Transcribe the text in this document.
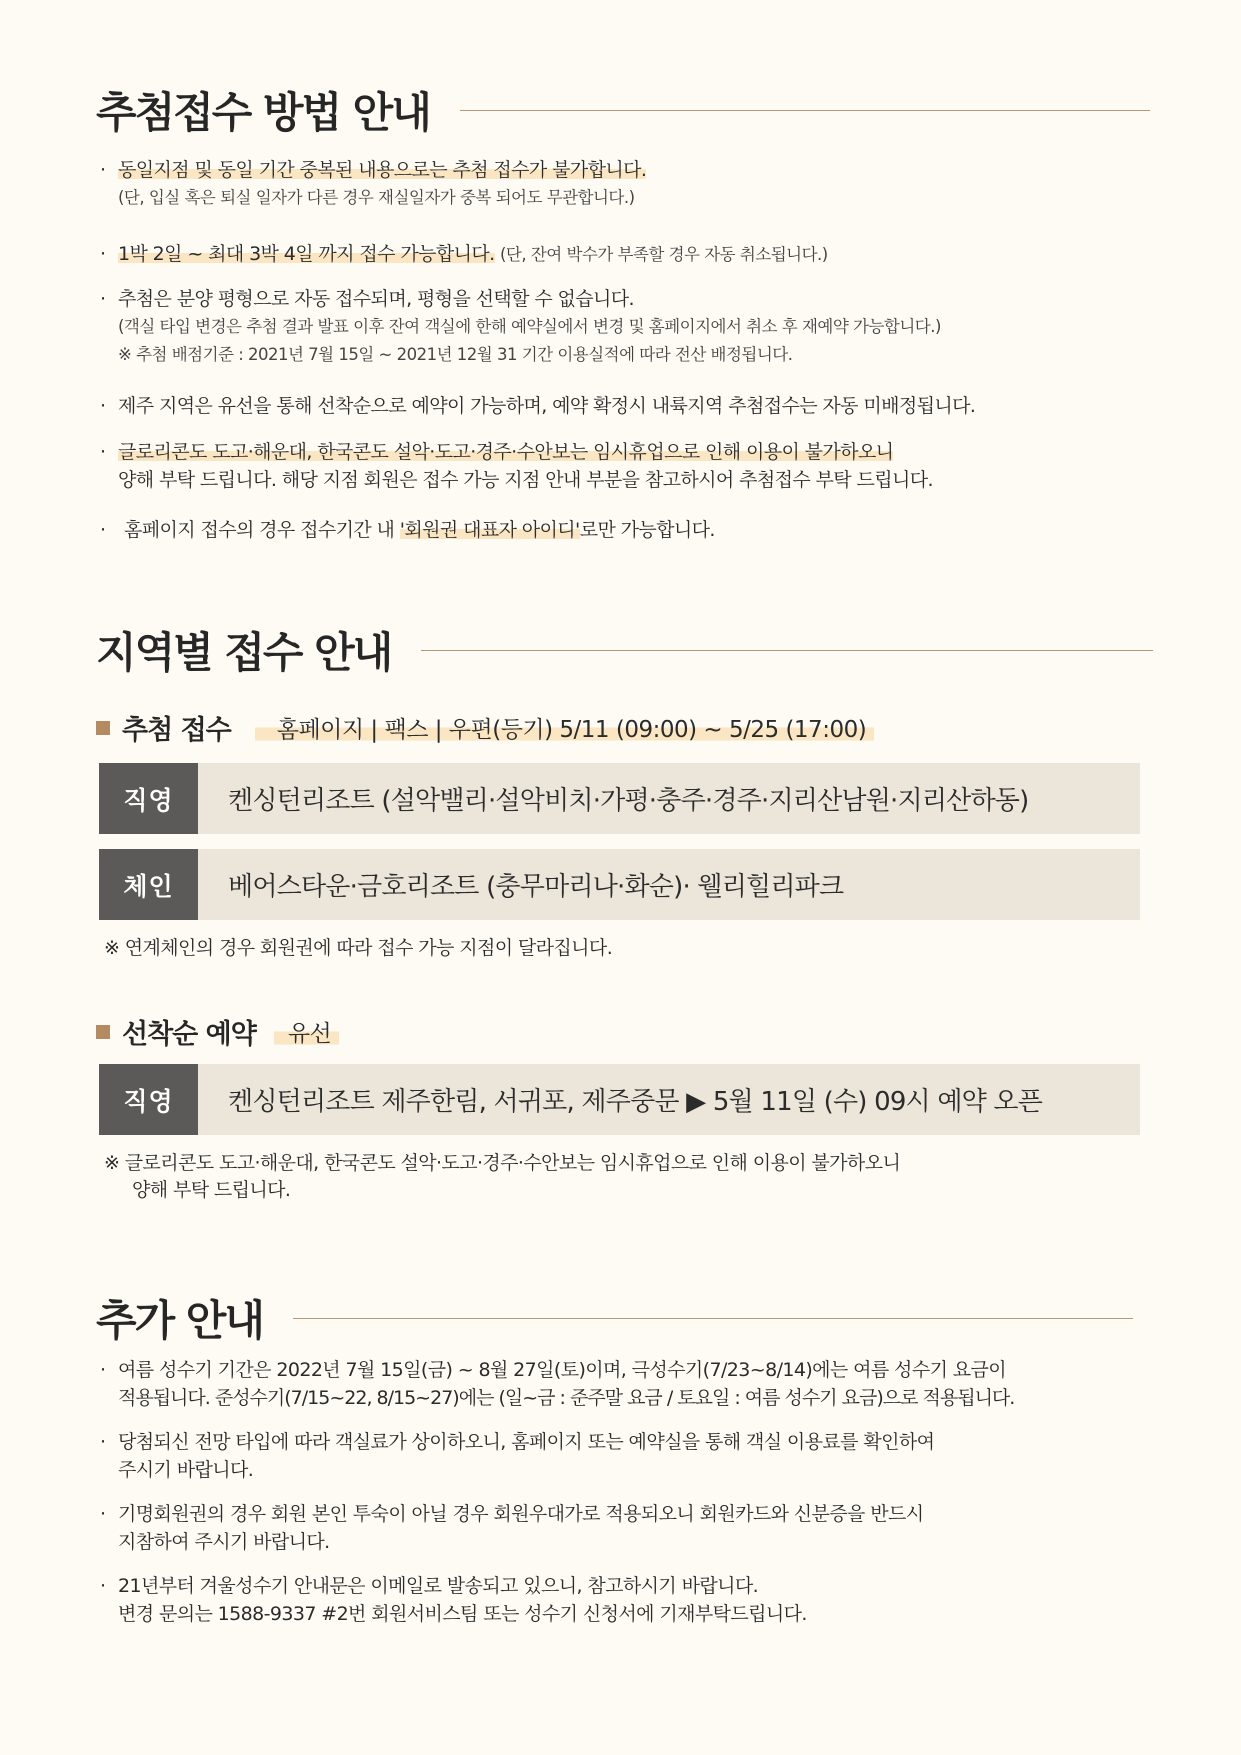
추첨접수 방법 안내
· 동일지점 및 동일 기간 중복된 내용으로는 추첨 접수가 불가합니다.
(단, 입실 혹은 퇴실 일자가 다른 경우 재실일자가 중복 되어도 무관합니다.)
· 1박 2일 ~ 최대 3박 4일 까지 접수 가능합니다. (단, 잔여 박수가 부족할 경우 자동 취소됩니다.)
· 추첨은 분양 평형으로 자동 접수되며, 평형을 선택할 수 없습니다.
(객실 타입 변경은 추첨 결과 발표 이후 잔여 객실에 한해 예약실에서 변경 및 홈페이지에서 취소 후 재예약 가능합니다.)
※ 추첨 배점기준 : 2021년 7월 15일 ~ 2021년 12월 31 기간 이용실적에 따라 전산 배정됩니다.
· 제주 지역은 유선을 통해 선착순으로 예약이 가능하며, 예약 확정시 내륙지역 추첨접수는 자동 미배정됩니다.
· 글로리콘도 도고·해운대, 한국콘도 설악·도고·경주·수안보는 임시휴업으로 인해 이용이 불가하오니
양해 부탁 드립니다. 해당 지점 회원은 접수 가능 지점 안내 부분을 참고하시어 추첨접수 부탁 드립니다.
· 홈페이지 접수의 경우 접수기간 내 '회원권 대표자 아이디'로만 가능합니다.
지역별 접수 안내
추첨 접수	홈페이지 | 팩스 | 우편(등기) 5/11 (09:00) ~ 5/25 (17:00)
직영	켄싱턴리조트 (설악밸리·설악비치·가평·충주·경주·지리산남원·지리산하동)
체인	베어스타운·금호리조트 (충무마리나·화순)· 웰리힐리파크
※ 연계체인의 경우 회원권에 따라 접수 가능 지점이 달라집니다.
선착순 예약	유선
직영	켄싱턴리조트 제주한림, 서귀포, 제주중문 ▶ 5월 11일 (수) 09시 예약 오픈
※ 글로리콘도 도고·해운대, 한국콘도 설악·도고·경주·수안보는 임시휴업으로 인해 이용이 불가하오니
양해 부탁 드립니다.
추가 안내
· 여름 성수기 기간은 2022년 7월 15일(금) ~ 8월 27일(토)이며, 극성수기(7/23~8/14)에는 여름 성수기 요금이
적용됩니다. 준성수기(7/15~22, 8/15~27)에는 (일~금 : 준주말 요금 / 토요일 : 여름 성수기 요금)으로 적용됩니다.
· 당첨되신 전망 타입에 따라 객실료가 상이하오니, 홈페이지 또는 예약실을 통해 객실 이용료를 확인하여
주시기 바랍니다.
· 기명회원권의 경우 회원 본인 투숙이 아닐 경우 회원우대가로 적용되오니 회원카드와 신분증을 반드시
지참하여 주시기 바랍니다.
· 21년부터 겨울성수기 안내문은 이메일로 발송되고 있으니, 참고하시기 바랍니다.
변경 문의는 1588-9337 #2번 회원서비스팀 또는 성수기 신청서에 기재부탁드립니다.
